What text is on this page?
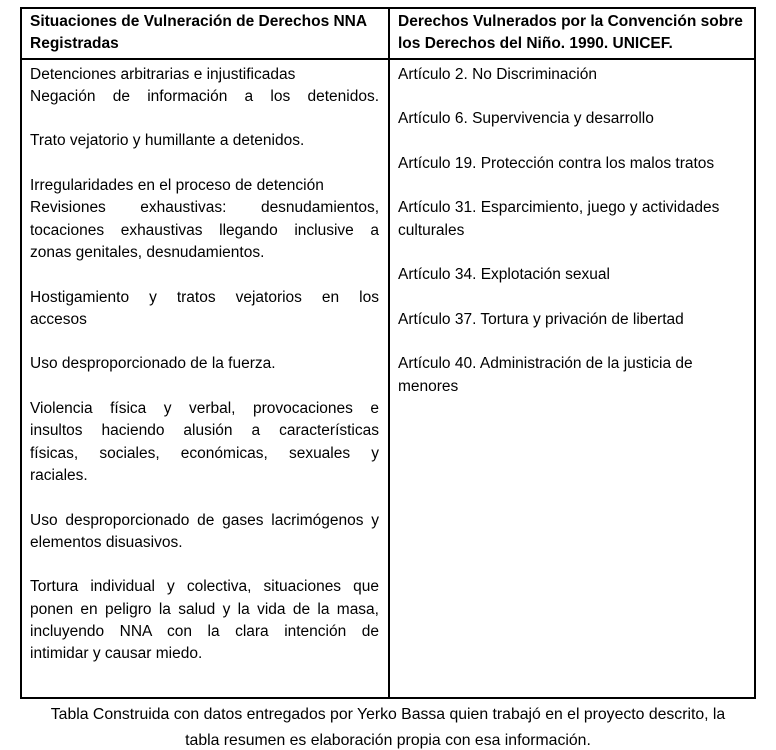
Situaciones de Vulneración de Derechos NNA
Registradas
Derechos Vulnerados por la Convención sobre
los Derechos del Niño. 1990. UNICEF.
Detenciones arbitrarias e injustificadas
Negación de información a los detenidos.
Trato vejatorio y humillante a detenidos.
Irregularidades en el proceso de detención
Revisiones exhaustivas: desnudamientos,
tocaciones exhaustivas llegando inclusive a
zonas genitales, desnudamientos.
Hostigamiento y tratos vejatorios en los
accesos
Uso desproporcionado de la fuerza.
Violencia física y verbal, provocaciones e
insultos haciendo alusión a características
físicas, sociales, económicas, sexuales y
raciales.
Uso desproporcionado de gases lacrimógenos y
elementos disuasivos.
Tortura individual y colectiva, situaciones que
ponen en peligro la salud y la vida de la masa,
incluyendo NNA con la clara intención de
intimidar y causar miedo.
Artículo 2. No Discriminación
Artículo 6. Supervivencia y desarrollo
Artículo 19. Protección contra los malos tratos
Artículo 31. Esparcimiento, juego y actividades
culturales
Artículo 34. Explotación sexual
Artículo 37. Tortura y privación de libertad
Artículo 40. Administración de la justicia de
menores
Tabla Construida con datos entregados por Yerko Bassa quien trabajó en el proyecto descrito, la
tabla resumen es elaboración propia con esa información.
